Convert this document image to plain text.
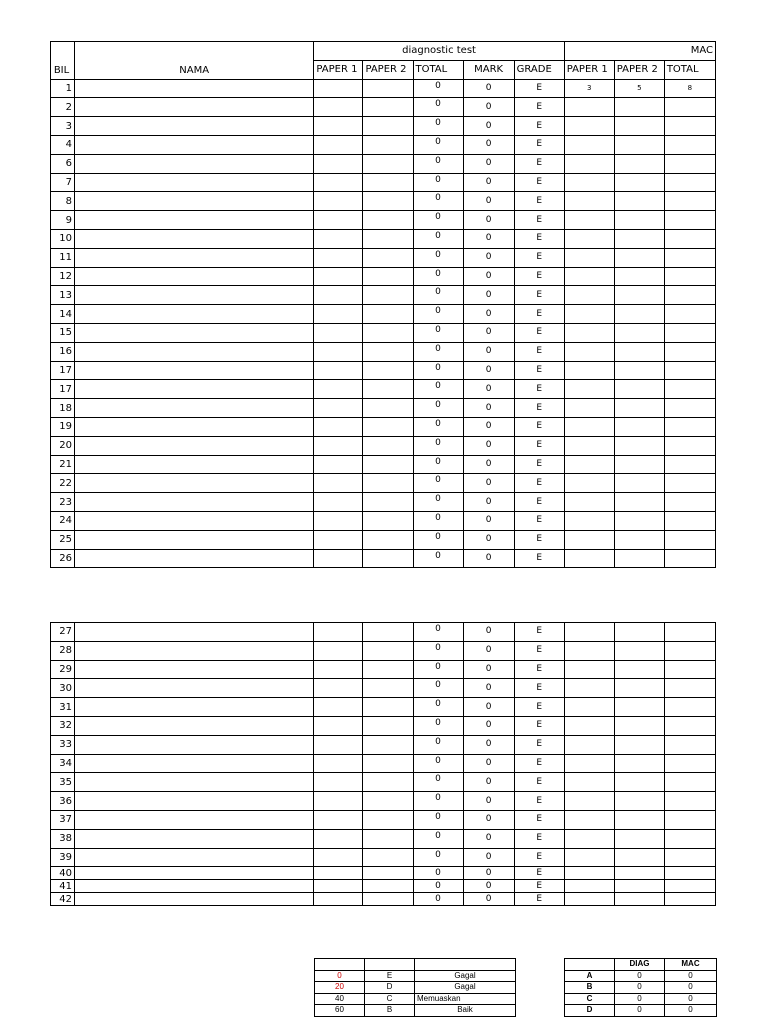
BIL	NAMA	diagnostic test					MAC		
		PAPER 1	PAPER 2	TOTAL	MARK	GRADE	PAPER 1	PAPER 2	TOTAL
1				0	0	E	3	5	8
2				0	0	E			
3				0	0	E			
4				0	0	E			
6				0	0	E			
7				0	0	E			
8				0	0	E			
9				0	0	E			
10				0	0	E			
11				0	0	E			
12				0	0	E			
13				0	0	E			
14				0	0	E			
15				0	0	E			
16				0	0	E			
17				0	0	E			
17				0	0	E			
18				0	0	E			
19				0	0	E			
20				0	0	E			
21				0	0	E			
22				0	0	E			
23				0	0	E			
24				0	0	E			
25				0	0	E			
26				0	0	E			
27				0	0	E			
28				0	0	E			
29				0	0	E			
30				0	0	E			
31				0	0	E			
32				0	0	E			
33				0	0	E			
34				0	0	E			
35				0	0	E			
36				0	0	E			
37				0	0	E			
38				0	0	E			
39				0	0	E			
40				0	0	E			
41				0	0	E			
42				0	0	E			

0	E	Gagal
20	D	Gagal
40	C	Memuaskan
60	B	Baik
	DIAG	MAC
A	0	0
B	0	0
C	0	0
D	0	0
